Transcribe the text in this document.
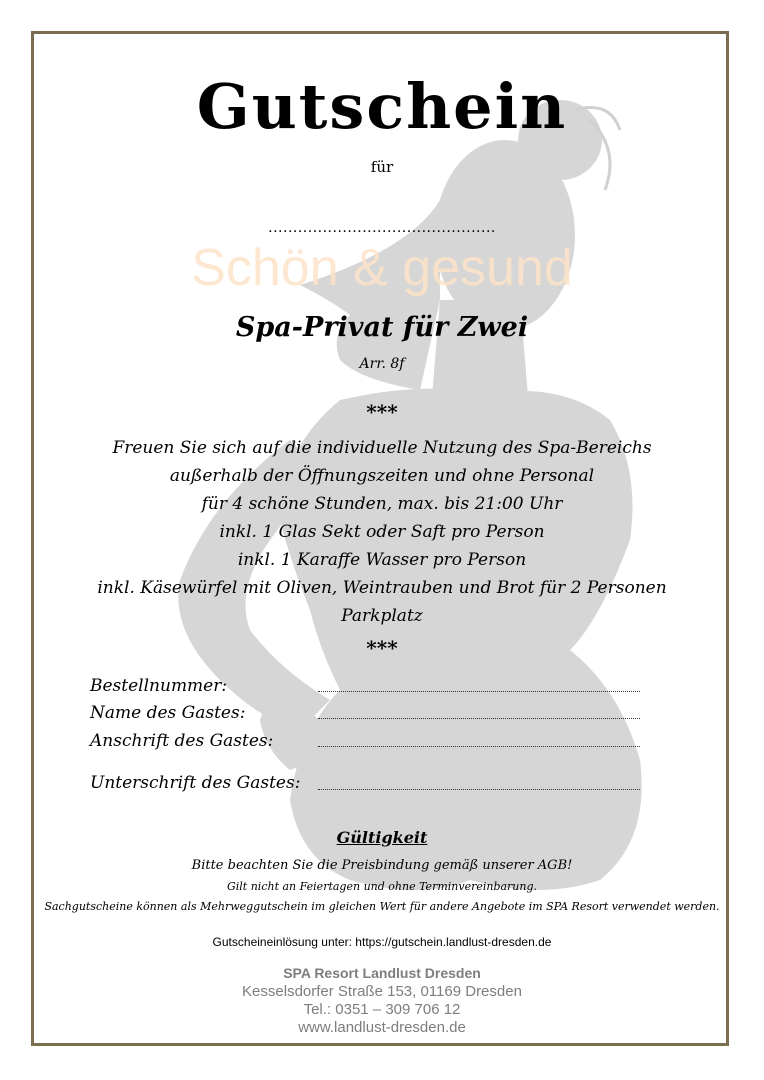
Schön & gesund
Gutschein
für
..............................................
Spa-Privat für Zwei
Arr. 8f
***
Freuen Sie sich auf die individuelle Nutzung des Spa-Bereichs
außerhalb der Öffnungszeiten und ohne Personal
für 4 schöne Stunden, max. bis 21:00 Uhr
inkl. 1 Glas Sekt oder Saft pro Person
inkl. 1 Karaffe Wasser pro Person
inkl. Käsewürfel mit Oliven, Weintrauben und Brot für 2 Personen
Parkplatz
***
Bestellnummer:
Name des Gastes:
Anschrift des Gastes:
Unterschrift des Gastes:
Gültigkeit
Bitte beachten Sie die Preisbindung gemäß unserer AGB!
Gilt nicht an Feiertagen und ohne Terminvereinbarung.
Sachgutscheine können als Mehrweggutschein im gleichen Wert für andere Angebote im SPA Resort verwendet werden.
Gutscheineinlösung unter: https://gutschein.landlust-dresden.de
SPA Resort Landlust Dresden
Kesselsdorfer Straße 153, 01169 Dresden
Tel.: 0351 – 309 706 12
www.landlust-dresden.de
